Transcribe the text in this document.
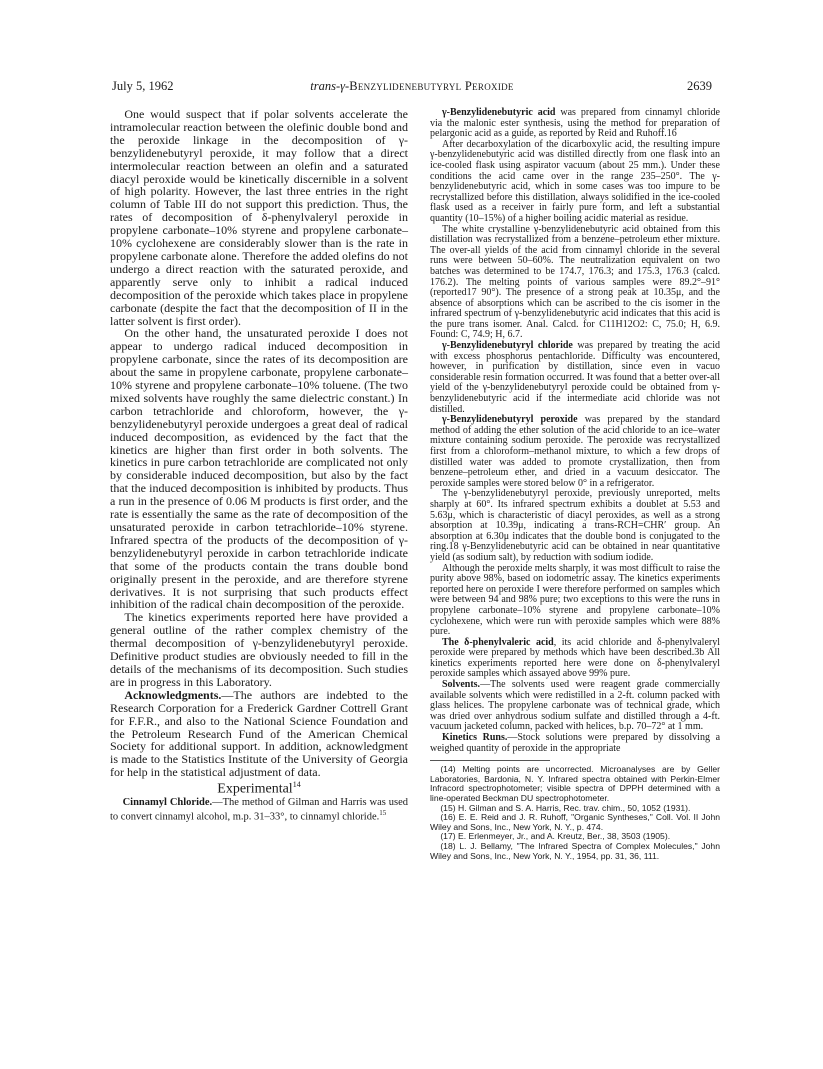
July 5, 1962	trans-γ-Benzylidenebutyryl Peroxide	2639

One would suspect that if polar solvents accelerate the intramolecular reaction between the olefinic double bond and the peroxide linkage in the decomposition of γ-benzylidenebutyryl peroxide, it may follow that a direct intermolecular reaction between an olefin and a saturated diacyl peroxide would be kinetically discernible in a solvent of high polarity. However, the last three entries in the right column of Table III do not support this prediction. Thus, the rates of decomposition of δ-phenylvaleryl peroxide in propylene carbonate–10% styrene and propylene carbonate–10% cyclohexene are considerably slower than is the rate in propylene carbonate alone. Therefore the added olefins do not undergo a direct reaction with the saturated peroxide, and apparently serve only to inhibit a radical induced decomposition of the peroxide which takes place in propylene carbonate (despite the fact that the decomposition of II in the latter solvent is first order).

On the other hand, the unsaturated peroxide I does not appear to undergo radical induced decomposition in propylene carbonate, since the rates of its decomposition are about the same in propylene carbonate, propylene carbonate–10% styrene and propylene carbonate–10% toluene. (The two mixed solvents have roughly the same dielectric constant.) In carbon tetrachloride and chloroform, however, the γ-benzylidenebutyryl peroxide undergoes a great deal of radical induced decomposition, as evidenced by the fact that the kinetics are higher than first order in both solvents. The kinetics in pure carbon tetrachloride are complicated not only by considerable induced decomposition, but also by the fact that the induced decomposition is inhibited by products. Thus a run in the presence of 0.06 M products is first order, and the rate is essentially the same as the rate of decomposition of the unsaturated peroxide in carbon tetrachloride–10% styrene. Infrared spectra of the products of the decomposition of γ-benzylidenebutyryl peroxide in carbon tetrachloride indicate that some of the products contain the trans double bond originally present in the peroxide, and are therefore styrene derivatives. It is not surprising that such products effect inhibition of the radical chain decomposition of the peroxide.

The kinetics experiments reported here have provided a general outline of the rather complex chemistry of the thermal decomposition of γ-benzylidenebutyryl peroxide. Definitive product studies are obviously needed to fill in the details of the mechanisms of its decomposition. Such studies are in progress in this Laboratory.

Acknowledgments.—The authors are indebted to the Research Corporation for a Frederick Gardner Cottrell Grant for F.F.R., and also to the National Science Foundation and the Petroleum Research Fund of the American Chemical Society for additional support. In addition, acknowledgment is made to the Statistics Institute of the University of Georgia for help in the statistical adjustment of data.

Experimental$^{14}$

Cinnamyl Chloride.—The method of Gilman and Harris was used to convert cinnamyl alcohol, m.p. 31–33°, to cinnamyl chloride.$^{15}$

γ-Benzylidenebutyric acid was prepared from cinnamyl chloride via the malonic ester synthesis, using the method for preparation of pelargonic acid as a guide, as reported by Reid and Ruhoff.16

After decarboxylation of the dicarboxylic acid, the resulting impure γ-benzylidenebutyric acid was distilled directly from one flask into an ice-cooled flask using aspirator vacuum (about 25 mm.). Under these conditions the acid came over in the range 235–250°. The γ-benzylidenebutyric acid, which in some cases was too impure to be recrystallized before this distillation, always solidified in the ice-cooled flask used as a receiver in fairly pure form, and left a substantial quantity (10–15%) of a higher boiling acidic material as residue.

The white crystalline γ-benzylidenebutyric acid obtained from this distillation was recrystallized from a benzene–petroleum ether mixture. The over-all yields of the acid from cinnamyl chloride in the several runs were between 50–60%. The neutralization equivalent on two batches was determined to be 174.7, 176.3; and 175.3, 176.3 (calcd. 176.2). The melting points of various samples were 89.2°–91° (reported17 90°). The presence of a strong peak at 10.35μ, and the absence of absorptions which can be ascribed to the cis isomer in the infrared spectrum of γ-benzylidenebutyric acid indicates that this acid is the pure trans isomer. Anal. Calcd. for C11H12O2: C, 75.0; H, 6.9. Found: C, 74.9; H, 6.7.

γ-Benzylidenebutyryl chloride was prepared by treating the acid with excess phosphorus pentachloride. Difficulty was encountered, however, in purification by distillation, since even in vacuo considerable resin formation occurred. It was found that a better over-all yield of the γ-benzylidenebutyryl peroxide could be obtained from γ-benzylidenebutyric acid if the intermediate acid chloride was not distilled.

γ-Benzylidenebutyryl peroxide was prepared by the standard method of adding the ether solution of the acid chloride to an ice–water mixture containing sodium peroxide. The peroxide was recrystallized first from a chloroform–methanol mixture, to which a few drops of distilled water was added to promote crystallization, then from benzene–petroleum ether, and dried in a vacuum desiccator. The peroxide samples were stored below 0° in a refrigerator.

The γ-benzylidenebutyryl peroxide, previously unreported, melts sharply at 60°. Its infrared spectrum exhibits a doublet at 5.53 and 5.63μ, which is characteristic of diacyl peroxides, as well as a strong absorption at 10.39μ, indicating a trans-RCH=CHR′ group. An absorption at 6.30μ indicates that the double bond is conjugated to the ring.18 γ-Benzylidenebutyric acid can be obtained in near quantitative yield (as sodium salt), by reduction with sodium iodide.

Although the peroxide melts sharply, it was most difficult to raise the purity above 98%, based on iodometric assay. The kinetics experiments reported here on peroxide I were therefore performed on samples which were between 94 and 98% pure; two exceptions to this were the runs in propylene carbonate–10% styrene and propylene carbonate–10% cyclohexene, which were run with peroxide samples which were 88% pure.

The δ-phenylvaleric acid, its acid chloride and δ-phenylvaleryl peroxide were prepared by methods which have been described.3b All kinetics experiments reported here were done on δ-phenylvaleryl peroxide samples which assayed above 99% pure.

Solvents.—The solvents used were reagent grade commercially available solvents which were redistilled in a 2-ft. column packed with glass helices. The propylene carbonate was of technical grade, which was dried over anhydrous sodium sulfate and distilled through a 4-ft. vacuum jacketed column, packed with helices, b.p. 70–72° at 1 mm.

Kinetics Runs.—Stock solutions were prepared by dissolving a weighed quantity of peroxide in the appropriate

(14) Melting points are uncorrected. Microanalyses are by Geller Laboratories, Bardonia, N. Y. Infrared spectra obtained with Perkin-Elmer Infracord spectrophotometer; visible spectra of DPPH determined with a line-operated Beckman DU spectrophotometer.

(15) H. Gilman and S. A. Harris, Rec. trav. chim., 50, 1052 (1931).

(16) E. E. Reid and J. R. Ruhoff, "Organic Syntheses," Coll. Vol. II John Wiley and Sons, Inc., New York, N. Y., p. 474.

(17) E. Erlenmeyer, Jr., and A. Kreutz, Ber., 38, 3503 (1905).

(18) L. J. Bellamy, "The Infrared Spectra of Complex Molecules," John Wiley and Sons, Inc., New York, N. Y., 1954, pp. 31, 36, 111.
